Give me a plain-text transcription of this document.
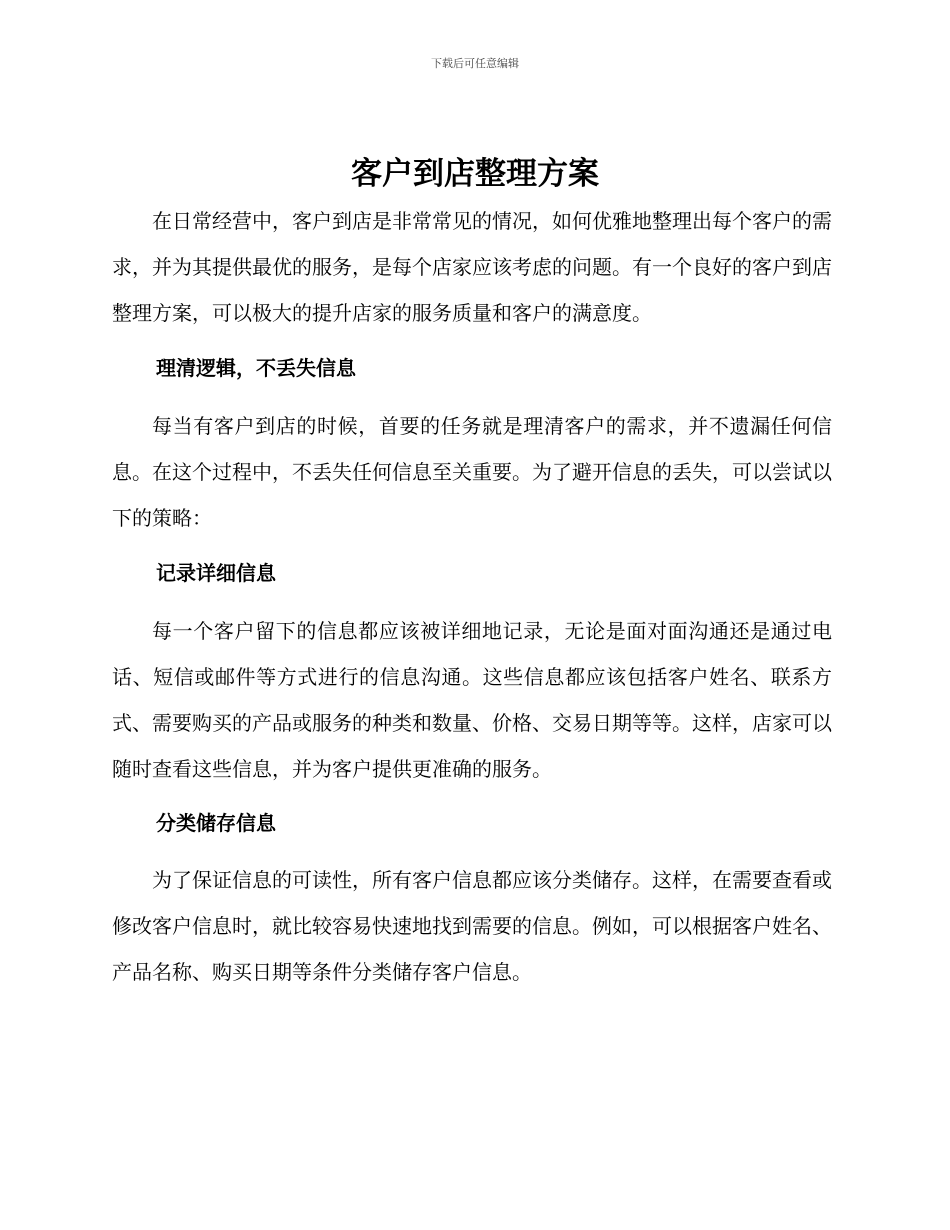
下载后可任意编辑
客户到店整理方案

在日常经营中，客户到店是非常常见的情况，如何优雅地整理出每个客户的需求，并为其提供最优的服务，是每个店家应该考虑的问题。有一个良好的客户到店整理方案，可以极大的提升店家的服务质量和客户的满意度。

理清逻辑，不丢失信息

每当有客户到店的时候，首要的任务就是理清客户的需求，并不遗漏任何信息。在这个过程中，不丢失任何信息至关重要。为了避开信息的丢失，可以尝试以下的策略：

记录详细信息

每一个客户留下的信息都应该被详细地记录，无论是面对面沟通还是通过电话、短信或邮件等方式进行的信息沟通。这些信息都应该包括客户姓名、联系方式、需要购买的产品或服务的种类和数量、价格、交易日期等等。这样，店家可以随时查看这些信息，并为客户提供更准确的服务。

分类储存信息

为了保证信息的可读性，所有客户信息都应该分类储存。这样，在需要查看或修改客户信息时，就比较容易快速地找到需要的信息。例如，可以根据客户姓名、产品名称、购买日期等条件分类储存客户信息。
